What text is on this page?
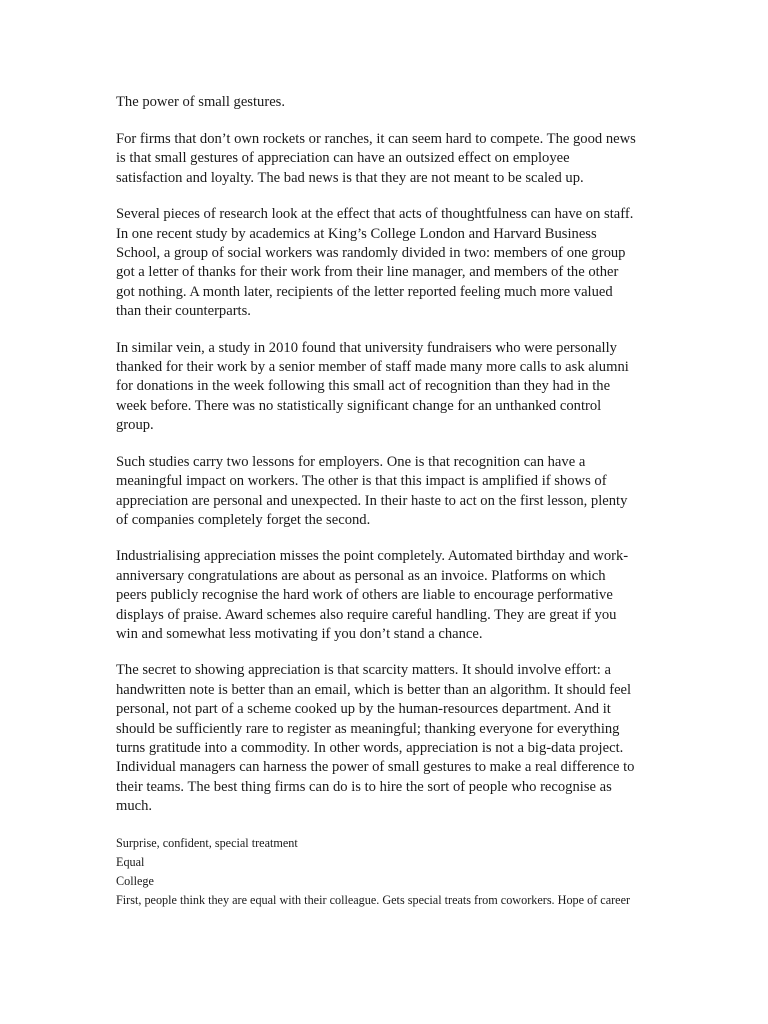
The power of small gestures.

For firms that don’t own rockets or ranches, it can seem hard to compete. The good news is that small gestures of appreciation can have an outsized effect on employee satisfaction and loyalty. The bad news is that they are not meant to be scaled up.

Several pieces of research look at the effect that acts of thoughtfulness can have on staff. In one recent study by academics at King’s College London and Harvard Business School, a group of social workers was randomly divided in two: members of one group got a letter of thanks for their work from their line manager, and members of the other got nothing. A month later, recipients of the letter reported feeling much more valued than their counterparts.

In similar vein, a study in 2010 found that university fundraisers who were personally thanked for their work by a senior member of staff made many more calls to ask alumni for donations in the week following this small act of recognition than they had in the week before. There was no statistically significant change for an unthanked control group.

Such studies carry two lessons for employers. One is that recognition can have a meaningful impact on workers. The other is that this impact is amplified if shows of appreciation are personal and unexpected. In their haste to act on the first lesson, plenty of companies completely forget the second.

Industrialising appreciation misses the point completely. Automated birthday and work-anniversary congratulations are about as personal as an invoice. Platforms on which peers publicly recognise the hard work of others are liable to encourage performative displays of praise. Award schemes also require careful handling. They are great if you win and somewhat less motivating if you don’t stand a chance.

The secret to showing appreciation is that scarcity matters. It should involve effort: a handwritten note is better than an email, which is better than an algorithm. It should feel personal, not part of a scheme cooked up by the human-resources department. And it should be sufficiently rare to register as meaningful; thanking everyone for everything turns gratitude into a commodity. In other words, appreciation is not a big-data project. Individual managers can harness the power of small gestures to make a real difference to their teams. The best thing firms can do is to hire the sort of people who recognise as much.

Surprise, confident, special treatment

Equal

College

First, people think they are equal with their colleague. Gets special treats from coworkers. Hope of career
